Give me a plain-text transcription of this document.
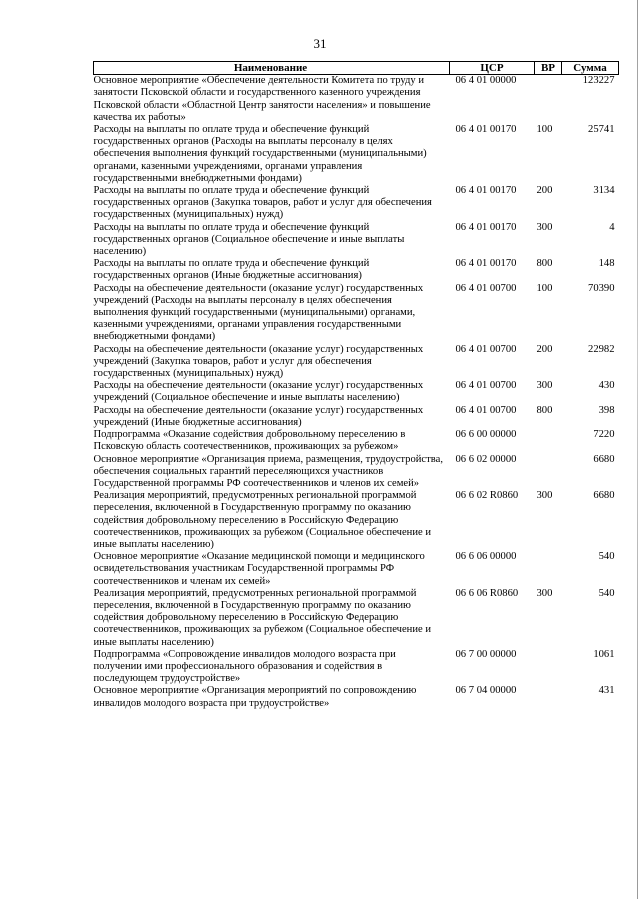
31
Наименование	ЦСР	ВР	Сумма
Основное мероприятие «Обеспечение деятельности Комитета по труду и занятости Псковской области и государственного казенного учреждения Псковской области «Областной Центр занятости населения» и повышение качества их работы»	06 4 01 00000		123227
Расходы на выплаты по оплате труда и обеспечение функций государственных органов (Расходы на выплаты персоналу в целях обеспечения выполнения функций государственными (муниципальными) органами, казенными учреждениями, органами управления государственными внебюджетными фондами)	06 4 01 00170	100	25741
Расходы на выплаты по оплате труда и обеспечение функций государственных органов (Закупка товаров, работ и услуг для обеспечения государственных (муниципальных) нужд)	06 4 01 00170	200	3134
Расходы на выплаты по оплате труда и обеспечение функций государственных органов (Социальное обеспечение и иные выплаты населению)	06 4 01 00170	300	4
Расходы на выплаты по оплате труда и обеспечение функций государственных органов (Иные бюджетные ассигнования)	06 4 01 00170	800	148
Расходы на обеспечение деятельности (оказание услуг) государственных учреждений (Расходы на выплаты персоналу в целях обеспечения выполнения функций государственными (муниципальными) органами, казенными учреждениями, органами управления государственными внебюджетными фондами)	06 4 01 00700	100	70390
Расходы на обеспечение деятельности (оказание услуг) государственных учреждений (Закупка товаров, работ и услуг для обеспечения государственных (муниципальных) нужд)	06 4 01 00700	200	22982
Расходы на обеспечение деятельности (оказание услуг) государственных учреждений (Социальное обеспечение и иные выплаты населению)	06 4 01 00700	300	430
Расходы на обеспечение деятельности (оказание услуг) государственных учреждений (Иные бюджетные ассигнования)	06 4 01 00700	800	398
Подпрограмма «Оказание содействия добровольному переселению в Псковскую область соотечественников, проживающих за рубежом»	06 6 00 00000		7220
Основное мероприятие «Организация приема, размещения, трудоустройства, обеспечения социальных гарантий переселяющихся участников Государственной программы РФ соотечественников и членов их семей»	06 6 02 00000		6680
Реализация мероприятий, предусмотренных региональной программой переселения, включенной в Государственную программу по оказанию содействия добровольному переселению в Российскую Федерацию соотечественников, проживающих за рубежом (Социальное обеспечение и иные выплаты населению)	06 6 02 R0860	300	6680
Основное мероприятие «Оказание медицинской помощи и медицинского освидетельствования участникам Государственной программы РФ соотечественников и членам их семей»	06 6 06 00000		540
Реализация мероприятий, предусмотренных региональной программой переселения, включенной в Государственную программу по оказанию содействия добровольному переселению в Российскую Федерацию соотечественников, проживающих за рубежом (Социальное обеспечение и иные выплаты населению)	06 6 06 R0860	300	540
Подпрограмма «Сопровождение инвалидов молодого возраста при получении ими профессионального образования и содействия в последующем трудоустройстве»	06 7 00 00000		1061
Основное мероприятие «Организация мероприятий по сопровождению инвалидов молодого возраста при трудоустройстве»	06 7 04 00000		431
